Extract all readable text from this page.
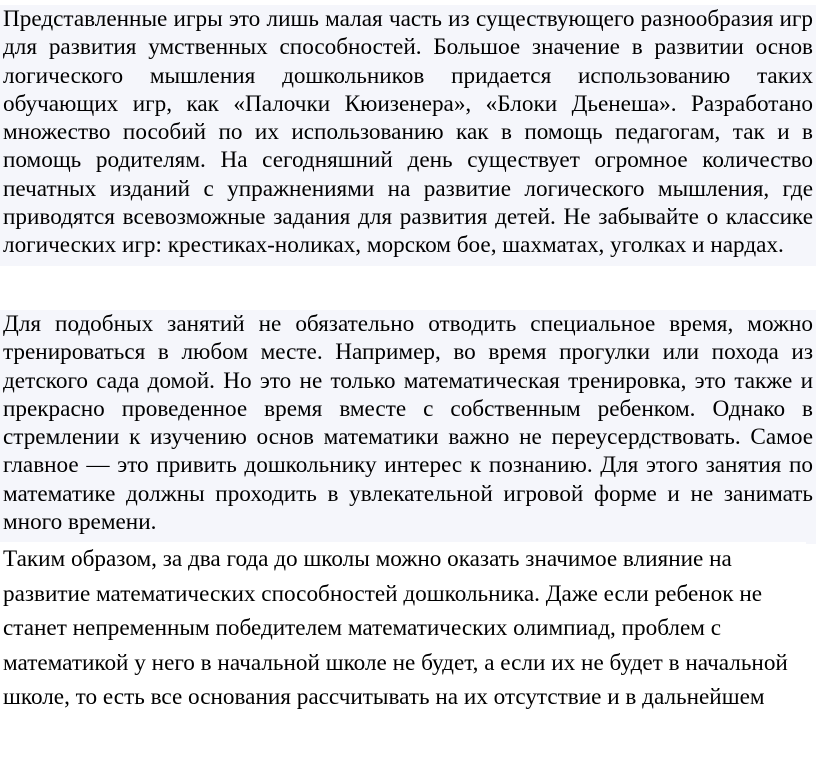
Представленные игры это лишь малая часть из существующего разнообразия игр для развития умственных способностей. Большое значение в развитии основ логического мышления дошкольников придается использованию таких обучающих игр, как «Палочки Кюизенера», «Блоки Дьенеша». Разработано множество пособий по их использованию как в помощь педагогам, так и в помощь родителям. На сегодняшний день существует огромное количество печатных изданий с упражнениями на развитие логического мышления, где приводятся всевозможные задания для развития детей. Не забывайте о классике логических игр: крестиках-ноликах, морском бое, шахматах, уголках и нардах.

Для подобных занятий не обязательно отводить специальное время, можно тренироваться в любом месте. Например, во время прогулки или похода из детского сада домой. Но это не только математическая тренировка, это также и прекрасно проведенное время вместе с собственным ребенком. Однако в стремлении к изучению основ математики важно не переусердствовать. Самое главное — это привить дошкольнику интерес к познанию. Для этого занятия по математике должны проходить в увлекательной игровой форме и не занимать много времени.

Таким образом, за два года до школы можно оказать значимое влияние на развитие математических способностей дошкольника. Даже если ребенок не станет непременным победителем математических олимпиад, проблем с математикой у него в начальной школе не будет, а если их не будет в начальной школе, то есть все основания рассчитывать на их отсутствие и в дальнейшем
